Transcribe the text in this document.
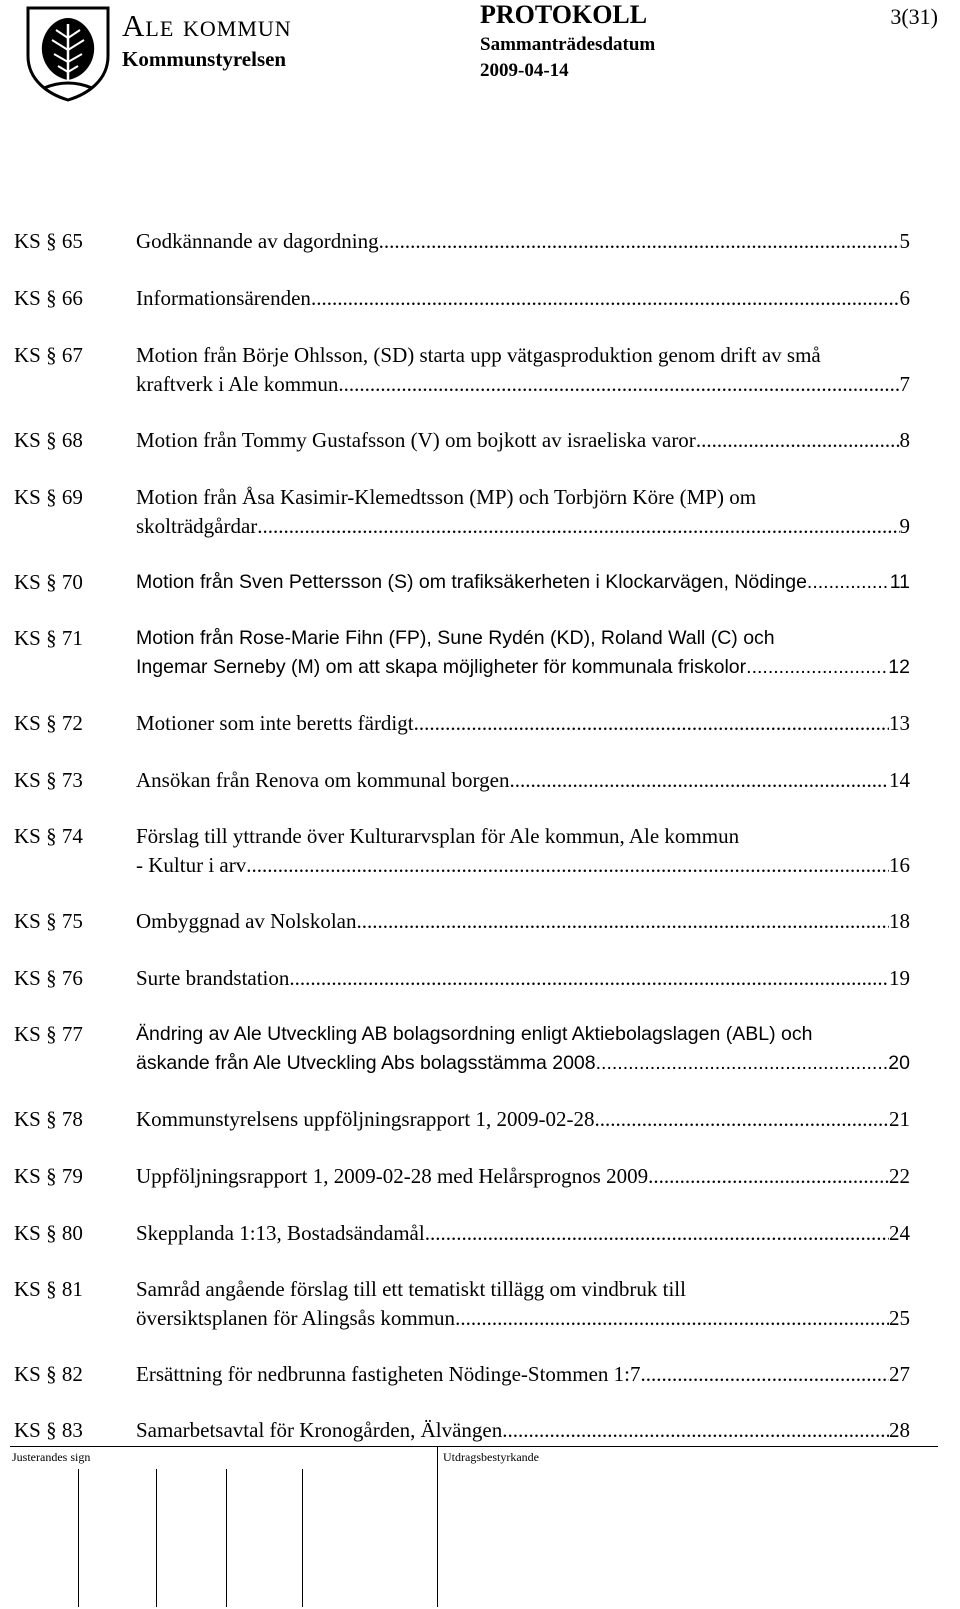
Ale kommun
Kommunstyrelsen
PROTOKOLL
Sammanträdesdatum
2009-04-14
3(31)
KS § 65	Godkännande av dagordning .....	5
KS § 66	Informationsärenden .....	6
KS § 67	Motion från Börje Ohlsson, (SD) starta upp vätgasproduktion genom drift av små
kraftverk i Ale kommun .....	7
KS § 68	Motion från Tommy Gustafsson (V) om bojkott av israeliska varor .....	8
KS § 69	Motion från Åsa Kasimir-Klemedtsson (MP) och Torbjörn Köre (MP) om
skolträdgårdar .....	9
KS § 70	Motion från Sven Pettersson (S) om trafiksäkerheten i Klockarvägen, Nödinge .....	11
KS § 71	Motion från Rose-Marie Fihn (FP), Sune Rydén (KD), Roland Wall (C) och
Ingemar Serneby (M) om att skapa möjligheter för kommunala friskolor .....	12
KS § 72	Motioner som inte beretts färdigt .....	13
KS § 73	Ansökan från Renova om kommunal borgen .....	14
KS § 74	Förslag till yttrande över Kulturarvsplan för Ale kommun, Ale kommun
- Kultur i arv .....	16
KS § 75	Ombyggnad av Nolskolan .....	18
KS § 76	Surte brandstation .....	19
KS § 77	Ändring av Ale Utveckling AB bolagsordning enligt Aktiebolagslagen (ABL) och
äskande från Ale Utveckling Abs bolagsstämma 2008 .....	20
KS § 78	Kommunstyrelsens uppföljningsrapport 1, 2009-02-28 .....	21
KS § 79	Uppföljningsrapport 1, 2009-02-28 med Helårsprognos 2009 .....	22
KS § 80	Skepplanda 1:13, Bostadsändamål .....	24
KS § 81	Samråd angående förslag till ett tematiskt tillägg om vindbruk till
översiktsplanen för Alingsås kommun .....	25
KS § 82	Ersättning för nedbrunna fastigheten Nödinge-Stommen 1:7 .....	27
KS § 83	Samarbetsavtal för Kronogården, Älvängen .....	28
Justerandes sign	Utdragsbestyrkande
